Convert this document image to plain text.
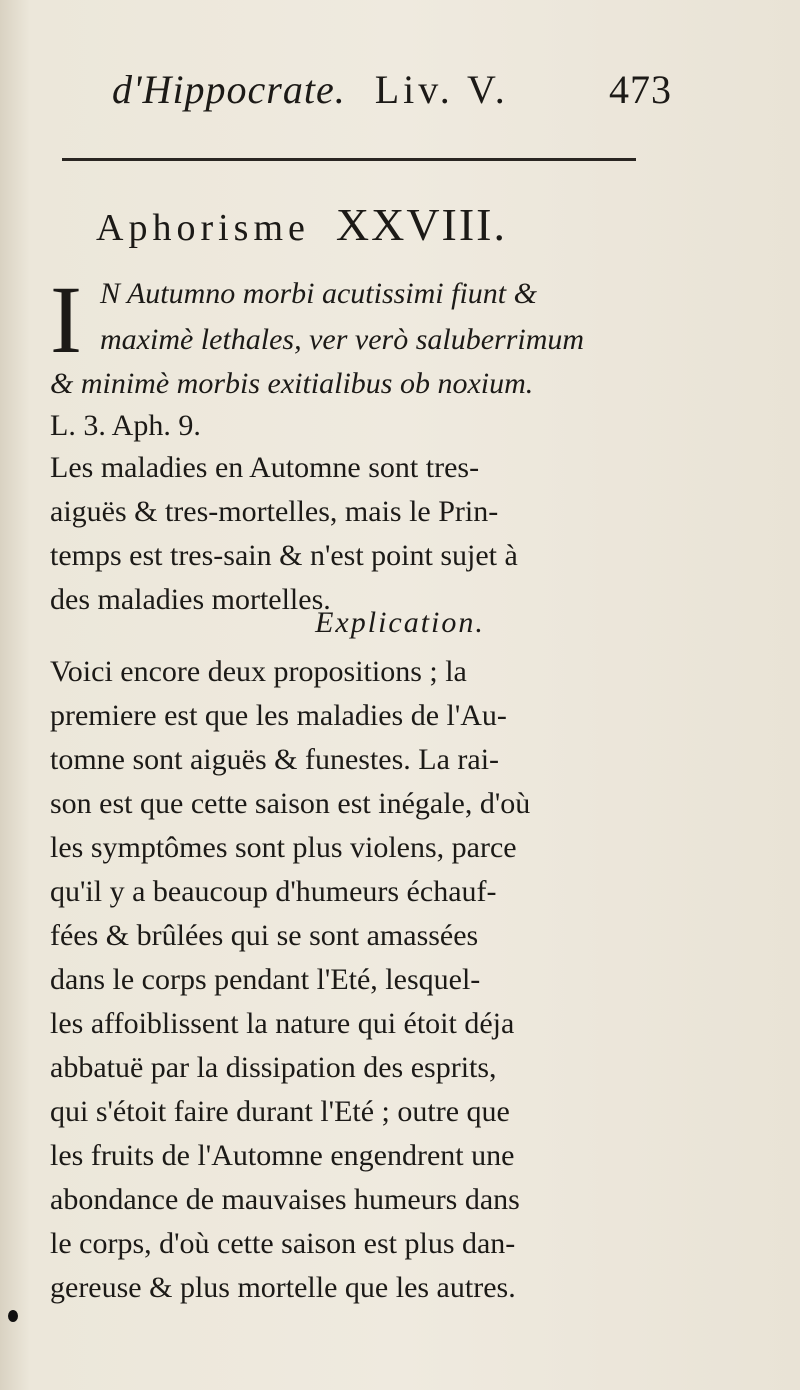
d'Hippocrate. Liv. V.	473
Aphorisme XXVIII.
I N Autumno morbi acutissimi fiunt &
maximè lethales, ver verò saluberrimum
& minimè morbis exitialibus ob noxium.
L. 3. Aph. 9.
Les maladies en Automne sont tres-
aiguës & tres-mortelles, mais le Prin-
temps est tres-sain & n'est point sujet à
des maladies mortelles.
Explication.
Voici encore deux propositions ; la
premiere est que les maladies de l'Au-
tomne sont aiguës & funestes. La rai-
son est que cette saison est inégale, d'où
les symptômes sont plus violens, parce
qu'il y a beaucoup d'humeurs échauf-
fées & brûlées qui se sont amassées
dans le corps pendant l'Eté, lesquel-
les affoiblissent la nature qui étoit déja
abbatuë par la dissipation des esprits,
qui s'étoit faire durant l'Eté ; outre que
les fruits de l'Automne engendrent une
abondance de mauvaises humeurs dans
le corps, d'où cette saison est plus dan-
gereuse & plus mortelle que les autres.
